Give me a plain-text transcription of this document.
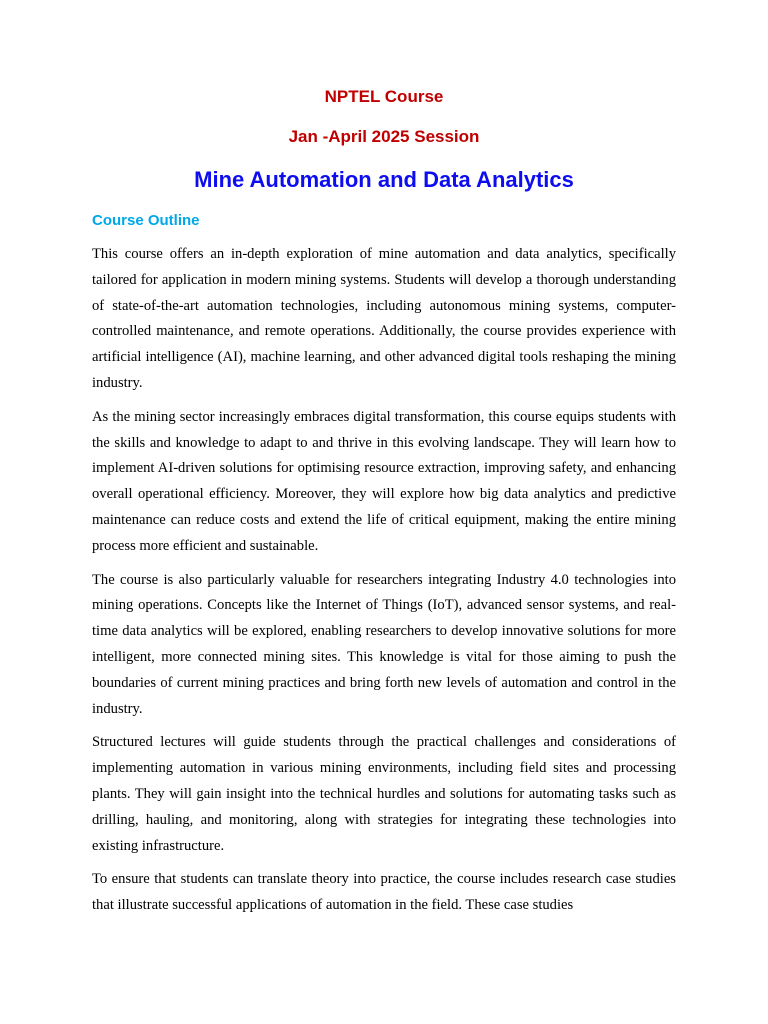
NPTEL Course
Jan -April 2025 Session
Mine Automation and Data Analytics
Course Outline

This course offers an in-depth exploration of mine automation and data analytics, specifically tailored for application in modern mining systems. Students will develop a thorough understanding of state-of-the-art automation technologies, including autonomous mining systems, computer-controlled maintenance, and remote operations. Additionally, the course provides experience with artificial intelligence (AI), machine learning, and other advanced digital tools reshaping the mining industry.

As the mining sector increasingly embraces digital transformation, this course equips students with the skills and knowledge to adapt to and thrive in this evolving landscape. They will learn how to implement AI-driven solutions for optimising resource extraction, improving safety, and enhancing overall operational efficiency. Moreover, they will explore how big data analytics and predictive maintenance can reduce costs and extend the life of critical equipment, making the entire mining process more efficient and sustainable.

The course is also particularly valuable for researchers integrating Industry 4.0 technologies into mining operations. Concepts like the Internet of Things (IoT), advanced sensor systems, and real-time data analytics will be explored, enabling researchers to develop innovative solutions for more intelligent, more connected mining sites. This knowledge is vital for those aiming to push the boundaries of current mining practices and bring forth new levels of automation and control in the industry.

Structured lectures will guide students through the practical challenges and considerations of implementing automation in various mining environments, including field sites and processing plants. They will gain insight into the technical hurdles and solutions for automating tasks such as drilling, hauling, and monitoring, along with strategies for integrating these technologies into existing infrastructure.

To ensure that students can translate theory into practice, the course includes research case studies that illustrate successful applications of automation in the field. These case studies
